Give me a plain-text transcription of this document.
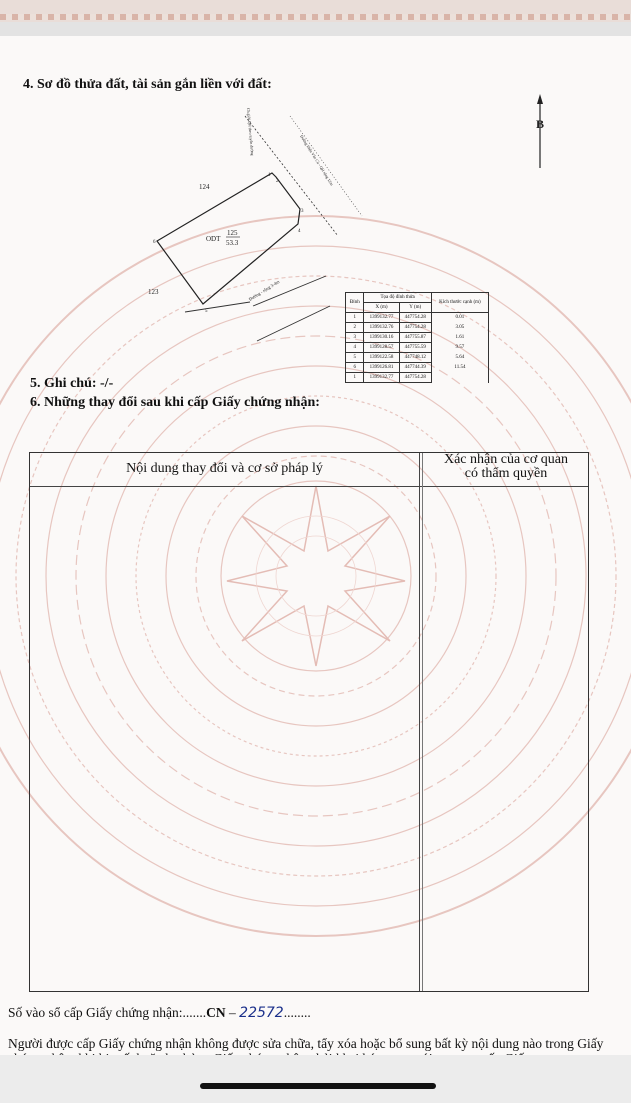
4. Sơ đồ thửa đất, tài sản gắn liền với đất:
B
1
2
3
4
5
6
124
123
ODT
125
53.3
Ch.giới QH theo tuyến đường
Đường Điện Văn Cù - QH rộng 12m
Đường - rộng 3-4m
Đỉnh	Tọa độ đỉnh thửa		Kích thước cạnh (m)
	X (m)	Y (m)	
1	1399132.77	447754.28	0.01
2	1399132.76	447754.28	3.05
3	1399130.16	447755.87	1.61
4	1399128.57	447755.59	9.57
5	1399122.58	447748.12	5.64
6	1399126.81	447744.39	11.54
1	1399132.77	447754.28	
5. Ghi chú: -/-
6. Những thay đổi sau khi cấp Giấy chứng nhận:
Nội dung thay đổi và cơ sở pháp lý
Xác nhận của cơ quan
có thẩm quyền
Số vào sổ cấp Giấy chứng nhận:.......CN ‒ 22572........
Người được cấp Giấy chứng nhận không được sửa chữa, tẩy xóa hoặc bổ sung bất kỳ nội dung nào trong Giấy
